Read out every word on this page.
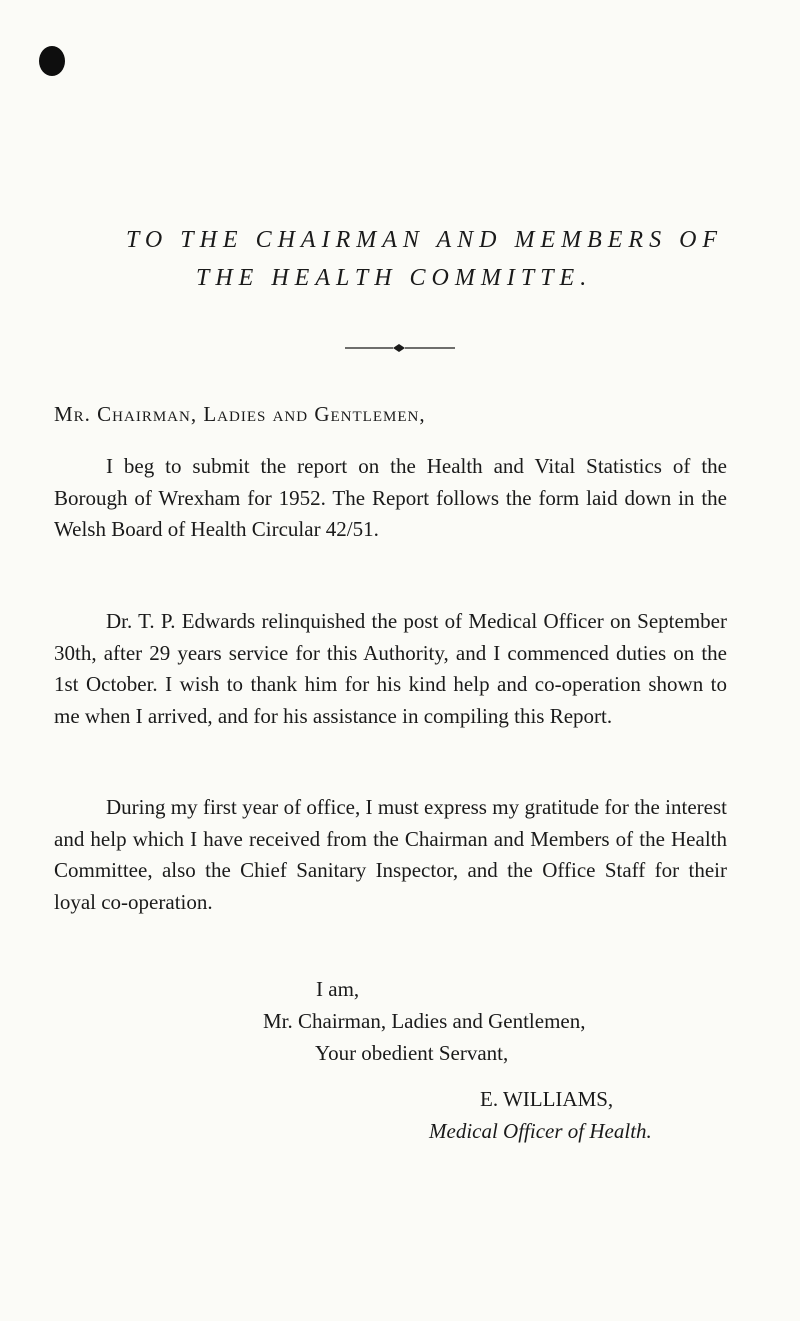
TO THE CHAIRMAN AND MEMBERS OF
THE HEALTH COMMITTE.
Mr. Chairman, Ladies and Gentlemen,

I beg to submit the report on the Health and Vital Statistics of the Borough of Wrexham for 1952. The Report follows the form laid down in the Welsh Board of Health Circular 42/51.

Dr. T. P. Edwards relinquished the post of Medical Officer on September 30th, after 29 years service for this Authority, and I commenced duties on the 1st October. I wish to thank him for his kind help and co-operation shown to me when I arrived, and for his assistance in compiling this Report.

During my first year of office, I must express my gratitude for the interest and help which I have received from the Chairman and Members of the Health Committee, also the Chief Sanitary Inspector, and the Office Staff for their loyal co-operation.

I am,
Mr. Chairman, Ladies and Gentlemen,
Your obedient Servant,
E. WILLIAMS,
Medical Officer of Health.
